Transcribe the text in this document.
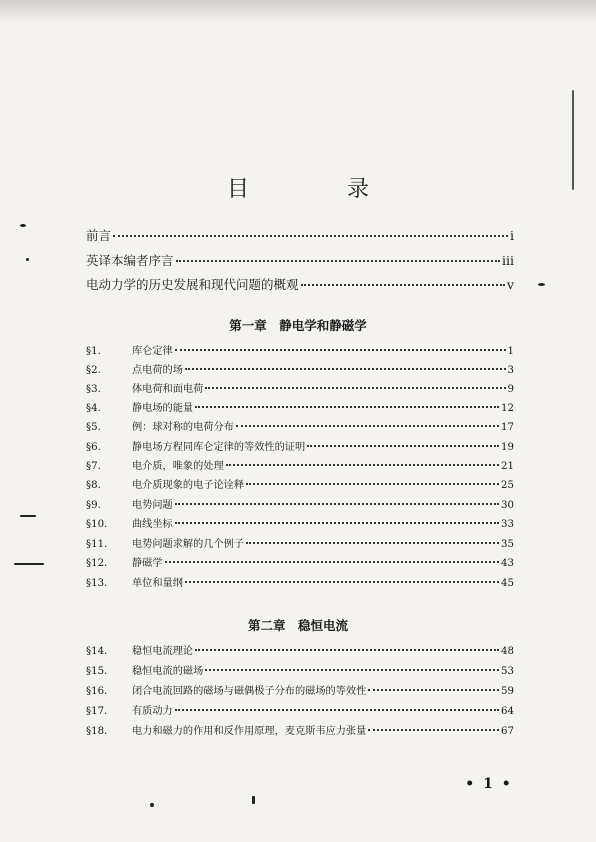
目　录
前言	i
英译本编者序言	iii
电动力学的历史发展和现代问题的概观	v
第一章　静电学和静磁学
§1.	库仑定律	1
§2.	点电荷的场	3
§3.	体电荷和面电荷	9
§4.	静电场的能量	12
§5.	例：球对称的电荷分布	17
§6.	静电场方程同库仑定律的等效性的证明	19
§7.	电介质，唯象的处理	21
§8.	电介质现象的电子论诠释	25
§9.	电势问题	30
§10.	曲线坐标	33
§11.	电势问题求解的几个例子	35
§12.	静磁学	43
§13.	单位和量纲	45
第二章　稳恒电流
§14.	稳恒电流理论	48
§15.	稳恒电流的磁场	53
§16.	闭合电流回路的磁场与磁偶极子分布的磁场的等效性	59
§17.	有质动力	64
§18.	电力和磁力的作用和反作用原理，麦克斯韦应力张量	67
• 1 •
